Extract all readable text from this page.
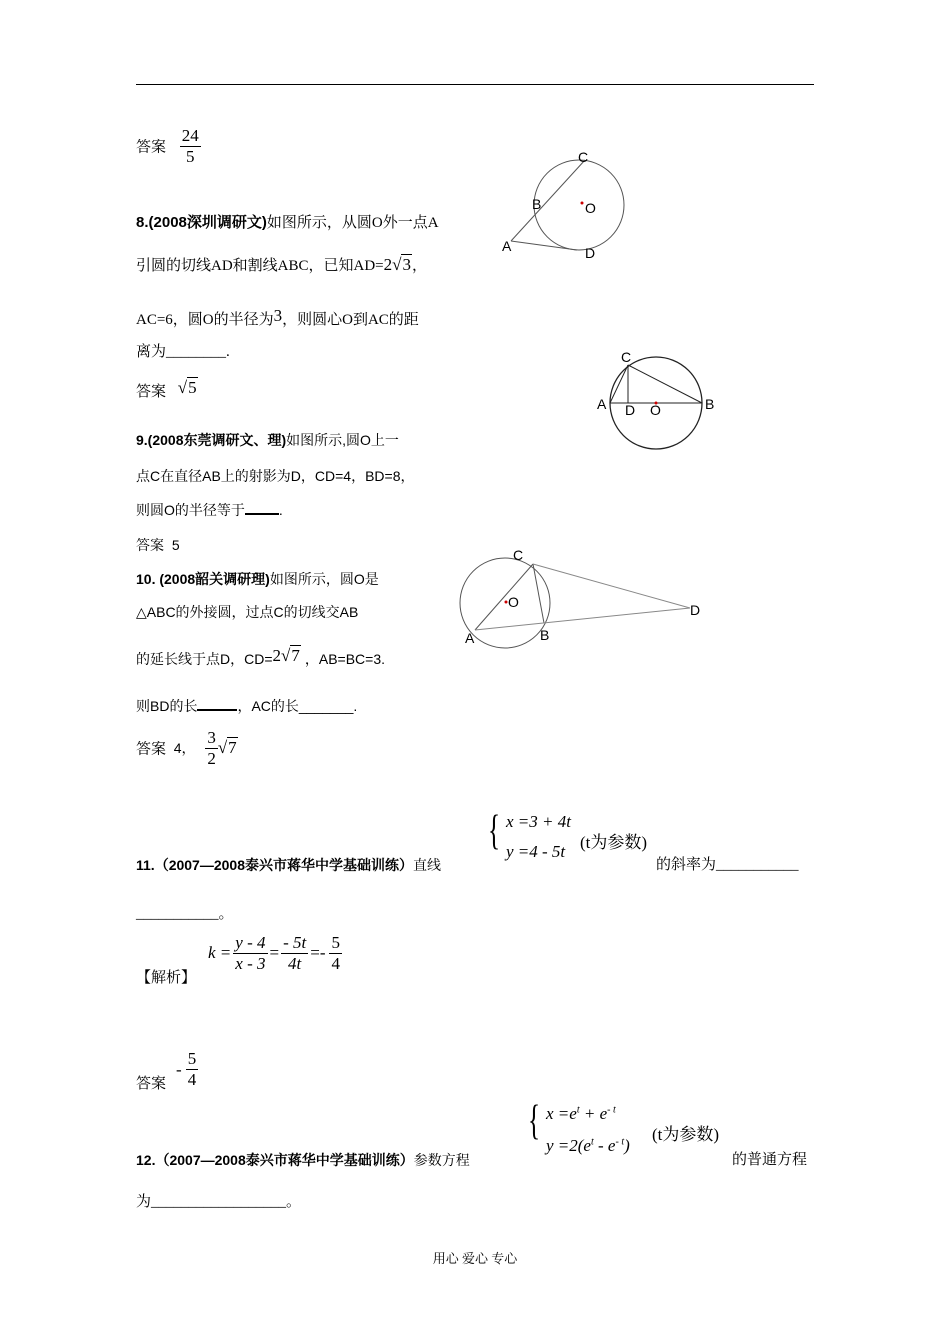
答案 $\frac{24}{5}$
8.(2008深圳调研文)如图所示，从圆O外一点A
引圆的切线AD和割线ABC，已知AD=2√3，
AC=6，圆O的半径为3，则圆心O到AC的距
离为________.
答案 √5
C
B	O
A	D
9.(2008东莞调研文、理)如图所示,圆O上一
点C在直径AB上的射影为D，CD=4，BD=8，
则圆O的半径等于 .
答案 5
C
A D O	B
10. (2008韶关调研理)如图所示，圆O是
△ABC的外接圆，过点C的切线交AB
的延长线于点D，CD=2√7 ，AB=BC=3.
则BD的长	，AC的长_______.
答案 4， $\frac{3}{2} √7$
C
O	D
A	B
{ x =3 + 4t
y =4 - 5t (t为参数)
11.（2007—2008泰兴市蒋华中学基础训练）直线	的斜率为___________
___________。
【解析】
$k = \frac{y - 4}{x - 3} = \frac{- 5t}{4t} =- \frac{5}{4}$
答案
- $\frac{5}{4}$
{ $x =e^t + e^{- t}$
$y =2(e^t - e^{- t})$
(t为参数)
12.（2007—2008泰兴市蒋华中学基础训练）参数方程	的普通方程
为__________________。
用心 爱心 专心
